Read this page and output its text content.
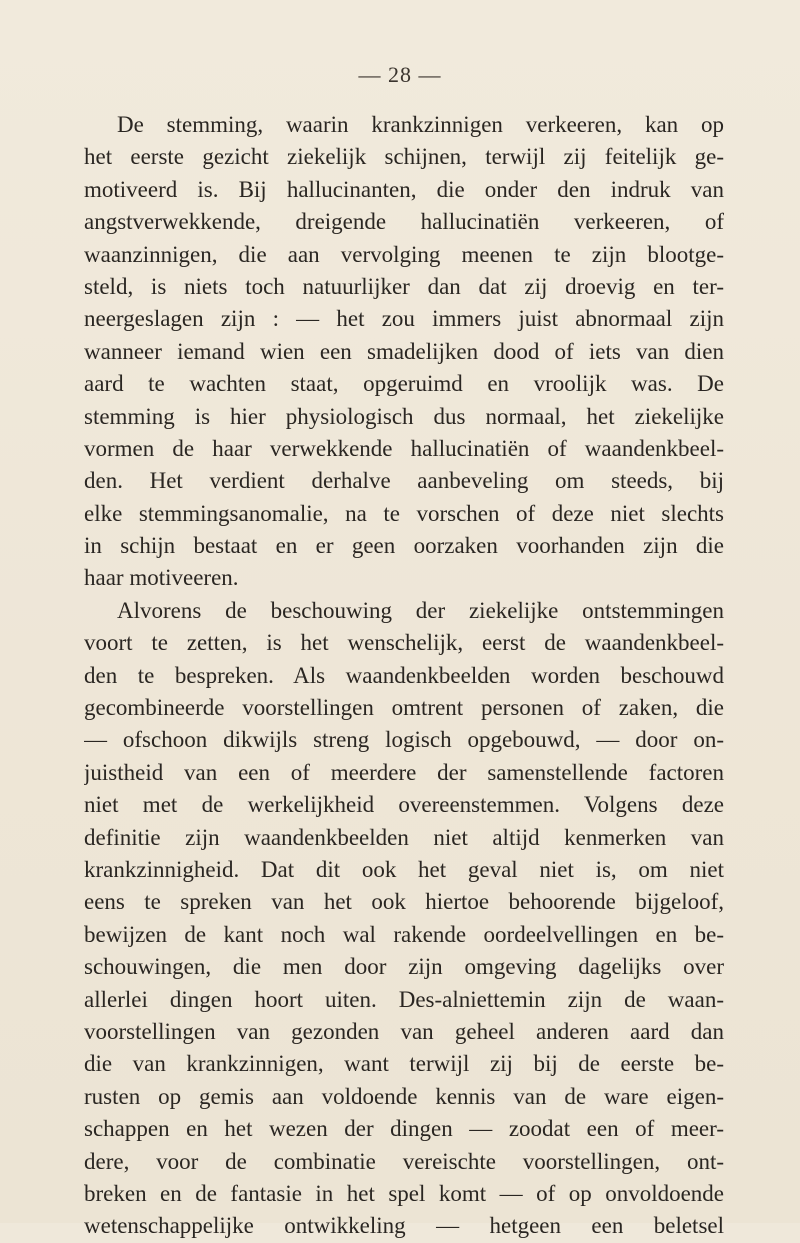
— 28 —
De stemming, waarin krankzinnigen verkeeren, kan op
het eerste gezicht ziekelijk schijnen, terwijl zij feitelijk ge-
motiveerd is. Bij hallucinanten, die onder den indruk van
angstverwekkende, dreigende hallucinatiën verkeeren, of
waanzinnigen, die aan vervolging meenen te zijn blootge-
steld, is niets toch natuurlijker dan dat zij droevig en ter-
neergeslagen zijn : — het zou immers juist abnormaal zijn
wanneer iemand wien een smadelijken dood of iets van dien
aard te wachten staat, opgeruimd en vroolijk was. De
stemming is hier physiologisch dus normaal, het ziekelijke
vormen de haar verwekkende hallucinatiën of waandenkbeel-
den. Het verdient derhalve aanbeveling om steeds, bij
elke stemmingsanomalie, na te vorschen of deze niet slechts
in schijn bestaat en er geen oorzaken voorhanden zijn die
haar motiveeren.
Alvorens de beschouwing der ziekelijke ontstemmingen
voort te zetten, is het wenschelijk, eerst de waandenkbeel-
den te bespreken. Als waandenkbeelden worden beschouwd
gecombineerde voorstellingen omtrent personen of zaken, die
— ofschoon dikwijls streng logisch opgebouwd, — door on-
juistheid van een of meerdere der samenstellende factoren
niet met de werkelijkheid overeenstemmen. Volgens deze
definitie zijn waandenkbeelden niet altijd kenmerken van
krankzinnigheid. Dat dit ook het geval niet is, om niet
eens te spreken van het ook hiertoe behoorende bijgeloof,
bewijzen de kant noch wal rakende oordeelvellingen en be-
schouwingen, die men door zijn omgeving dagelijks over
allerlei dingen hoort uiten. Des-alniettemin zijn de waan-
voorstellingen van gezonden van geheel anderen aard dan
die van krankzinnigen, want terwijl zij bij de eerste be-
rusten op gemis aan voldoende kennis van de ware eigen-
schappen en het wezen der dingen — zoodat een of meer-
dere, voor de combinatie vereischte voorstellingen, ont-
breken en de fantasie in het spel komt — of op onvoldoende
wetenschappelijke ontwikkeling — hetgeen een beletsel
